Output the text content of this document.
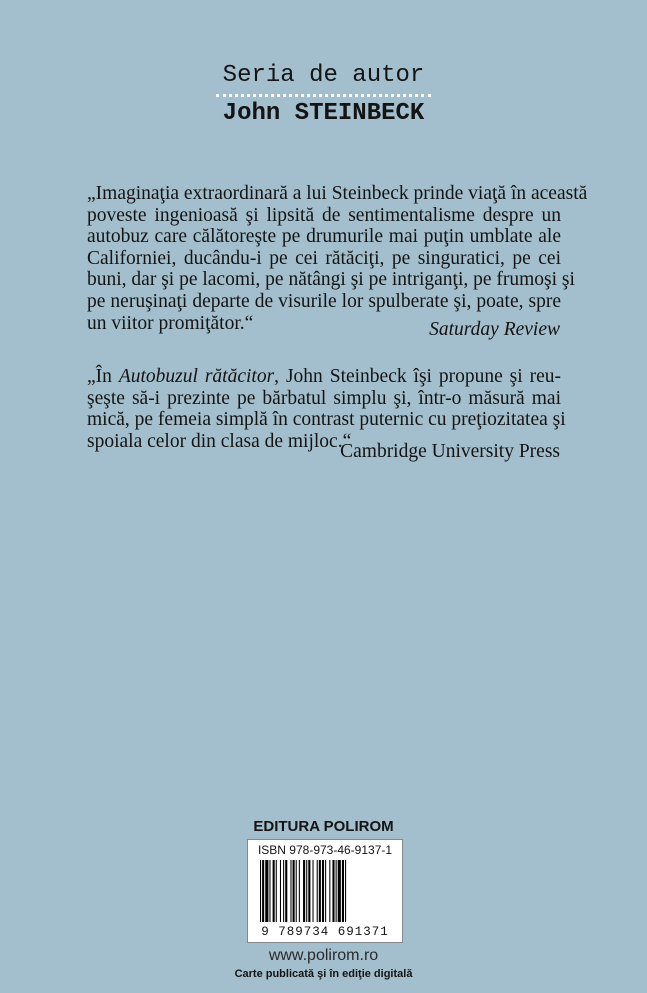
Seria de autor
John STEINBECK
„Imaginaţia extraordinară a lui Steinbeck prinde viaţă în această
poveste ingenioasă şi lipsită de sentimentalisme despre un
autobuz care călătoreşte pe drumurile mai puţin umblate ale
Californiei, ducându-i pe cei rătăciţi, pe singuratici, pe cei
buni, dar şi pe lacomi, pe nătângi şi pe intriganţi, pe frumoşi şi
pe neruşinaţi departe de visurile lor spulberate şi, poate, spre
un viitor promiţător.“	Saturday Review
„În Autobuzul rătăcitor, John Steinbeck îşi propune şi reu-
şeşte să-i prezinte pe bărbatul simplu şi, într-o măsură mai
mică, pe femeia simplă în contrast puternic cu preţiozitatea şi
spoiala celor din clasa de mijloc.“
Cambridge University Press
EDITURA POLIROM
ISBN 978-973-46-9137-1
9 789734 691371
www.polirom.ro
Carte publicată şi în ediţie digitală
